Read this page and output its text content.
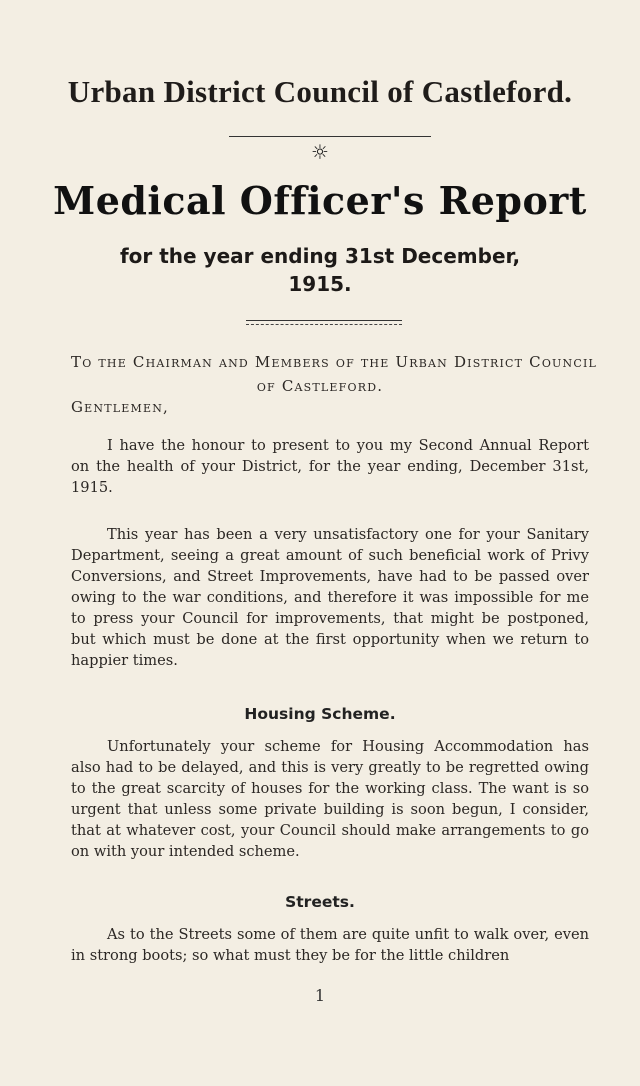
Urban District Council of Castleford.
☼
Medical Officer's Report
for the year ending 31st December,
1915.
To the Chairman and Members of the Urban District Council
of Castleford.
Gentlemen,
I have the honour to present to you my Second Annual Report on the health of your District, for the year ending, December 31st, 1915.
This year has been a very unsatisfactory one for your Sanitary Department, seeing a great amount of such beneficial work of Privy Conversions, and Street Improvements, have had to be passed over owing to the war conditions, and therefore it was impossible for me to press your Council for improvements, that might be postponed, but which must be done at the first opportunity when we return to happier times.
Housing Scheme.
Unfortunately your scheme for Housing Accommodation has also had to be delayed, and this is very greatly to be regretted owing to the great scarcity of houses for the working class. The want is so urgent that unless some private building is soon begun, I consider, that at whatever cost, your Council should make arrangements to go on with your intended scheme.
Streets.
As to the Streets some of them are quite unfit to walk over, even in strong boots; so what must they be for the little children
1
